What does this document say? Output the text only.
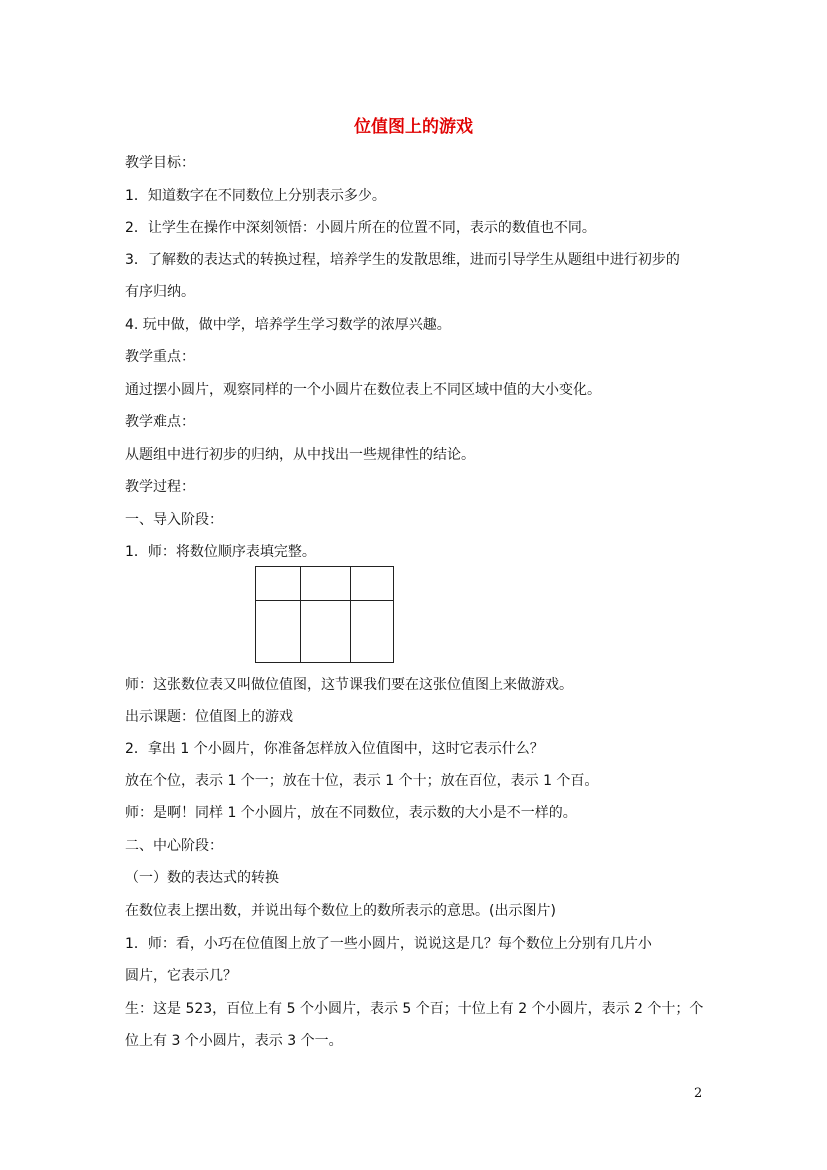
位值图上的游戏
教学目标：
1．知道数字在不同数位上分别表示多少。
2．让学生在操作中深刻领悟：小圆片所在的位置不同，表示的数值也不同。
3．了解数的表达式的转换过程，培养学生的发散思维，进而引导学生从题组中进行初步的
有序归纳。
4. 玩中做，做中学，培养学生学习数学的浓厚兴趣。
教学重点：
通过摆小圆片，观察同样的一个小圆片在数位表上不同区域中值的大小变化。
教学难点：
从题组中进行初步的归纳，从中找出一些规律性的结论。
教学过程：
一、导入阶段：
1．师：将数位顺序表填完整。
师：这张数位表又叫做位值图，这节课我们要在这张位值图上来做游戏。
出示课题：位值图上的游戏
2．拿出 1 个小圆片，你准备怎样放入位值图中，这时它表示什么？
放在个位，表示 1 个一；放在十位，表示 1 个十；放在百位，表示 1 个百。
师：是啊！同样 1 个小圆片，放在不同数位，表示数的大小是不一样的。
二、中心阶段：
（一）数的表达式的转换
在数位表上摆出数，并说出每个数位上的数所表示的意思。(出示图片)
1．师：看，小巧在位值图上放了一些小圆片，说说这是几？每个数位上分别有几片小
圆片，它表示几？
生：这是 523，百位上有 5 个小圆片，表示 5 个百；十位上有 2 个小圆片，表示 2 个十；个
位上有 3 个小圆片，表示 3 个一。
2
